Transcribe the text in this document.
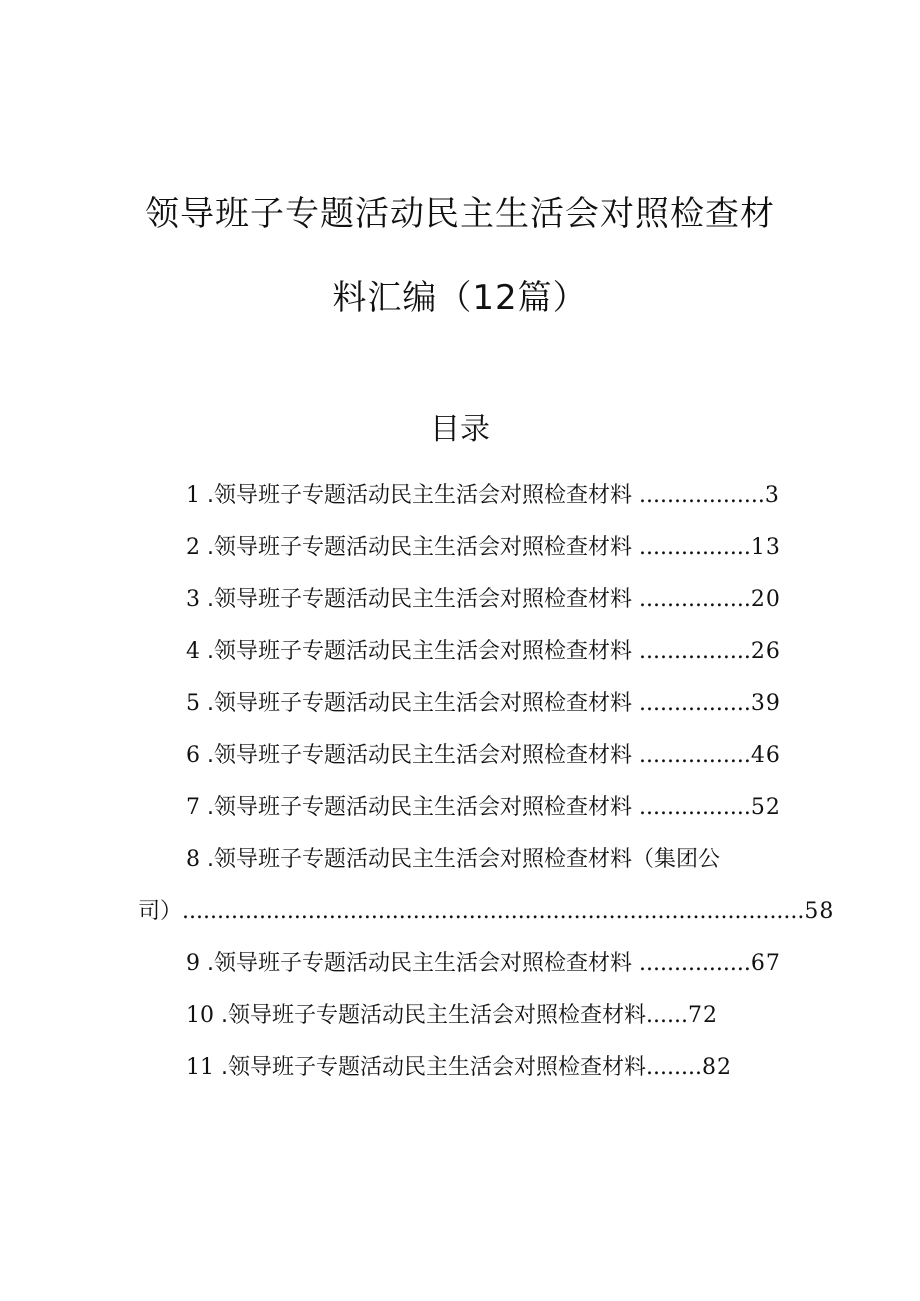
领导班子专题活动民主生活会对照检查材
料汇编（12篇）
目录
1 .领导班子专题活动民主生活会对照检查材料 ..................3
2 .领导班子专题活动民主生活会对照检查材料 ................13
3 .领导班子专题活动民主生活会对照检查材料 ................20
4 .领导班子专题活动民主生活会对照检查材料 ................26
5 .领导班子专题活动民主生活会对照检查材料 ................39
6 .领导班子专题活动民主生活会对照检查材料 ................46
7 .领导班子专题活动民主生活会对照检查材料 ................52
8 .领导班子专题活动民主生活会对照检查材料（集团公
司）.........................................................................................58
9 .领导班子专题活动民主生活会对照检查材料 ................67
10 .领导班子专题活动民主生活会对照检查材料......72
11 .领导班子专题活动民主生活会对照检查材料........82
